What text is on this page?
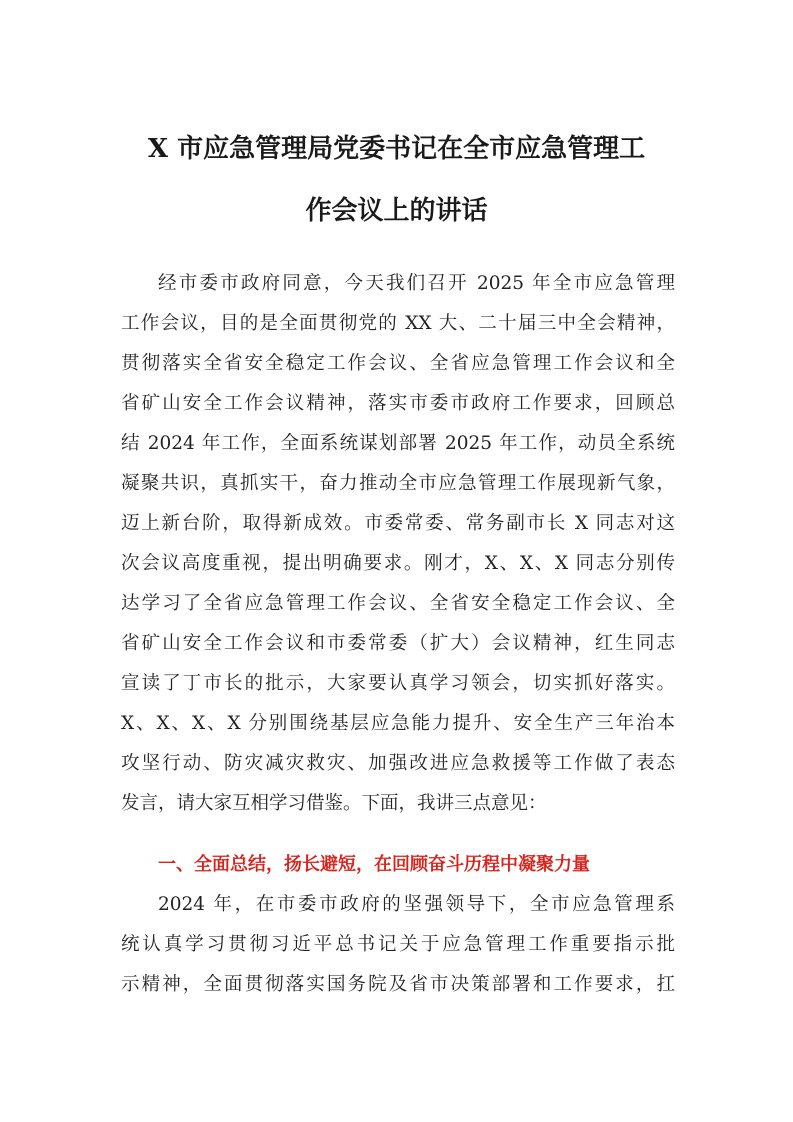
X 市应急管理局党委书记在全市应急管理工
作会议上的讲话
经市委市政府同意，今天我们召开 2025 年全市应急管理
工作会议，目的是全面贯彻党的 XX 大、二十届三中全会精神，
贯彻落实全省安全稳定工作会议、全省应急管理工作会议和全
省矿山安全工作会议精神，落实市委市政府工作要求，回顾总
结 2024 年工作，全面系统谋划部署 2025 年工作，动员全系统
凝聚共识，真抓实干，奋力推动全市应急管理工作展现新气象，
迈上新台阶，取得新成效。市委常委、常务副市长 X 同志对这
次会议高度重视，提出明确要求。刚才，X、X、X 同志分别传
达学习了全省应急管理工作会议、全省安全稳定工作会议、全
省矿山安全工作会议和市委常委（扩大）会议精神，红生同志
宣读了丁市长的批示，大家要认真学习领会，切实抓好落实。
X、X、X、X 分别围绕基层应急能力提升、安全生产三年治本
攻坚行动、防灾减灾救灾、加强改进应急救援等工作做了表态
发言，请大家互相学习借鉴。下面，我讲三点意见：
一、全面总结，扬长避短，在回顾奋斗历程中凝聚力量
2024 年，在市委市政府的坚强领导下，全市应急管理系
统认真学习贯彻习近平总书记关于应急管理工作重要指示批
示精神，全面贯彻落实国务院及省市决策部署和工作要求，扛
